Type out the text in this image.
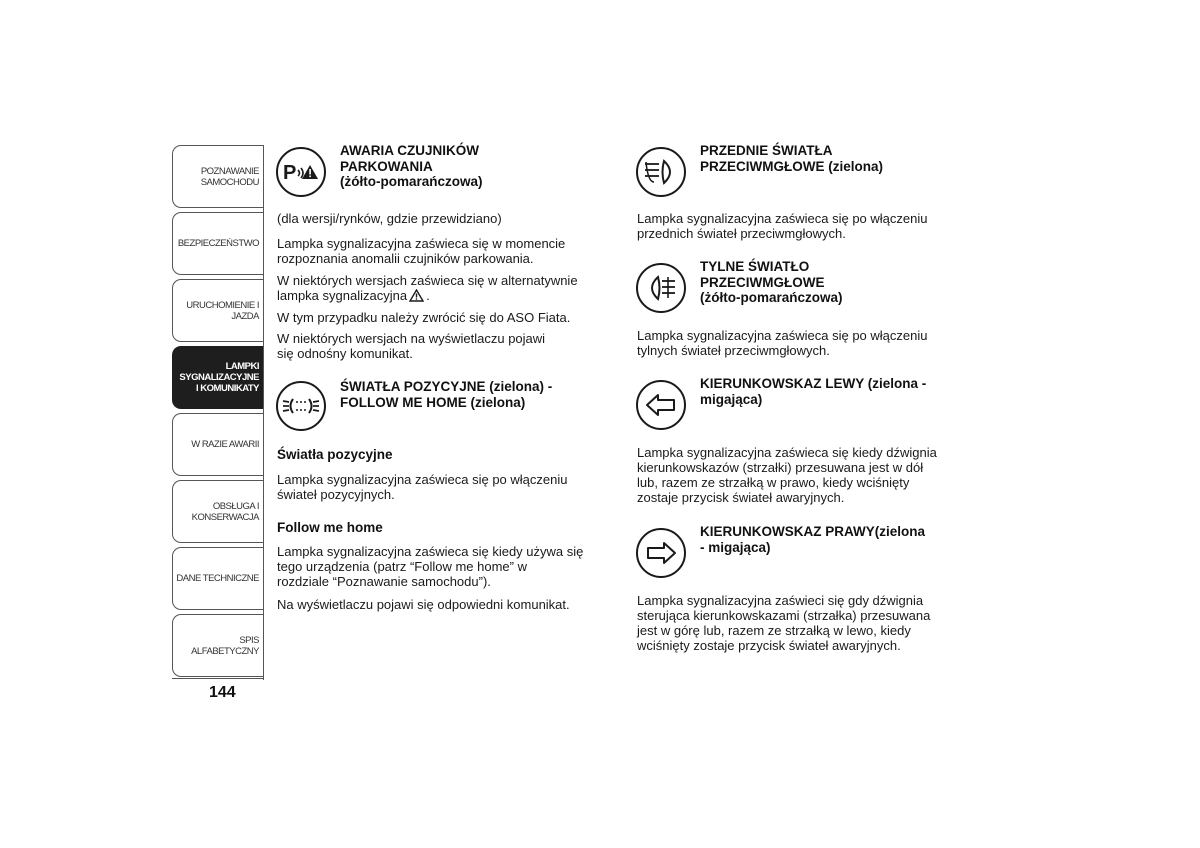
POZNAWANIE
SAMOCHODU
BEZPIECZEŃSTWO
URUCHOMIENIE I
JAZDA
LAMPKI
SYGNALIZACYJNE
I KOMUNIKATY
W RAZIE AWARII
OBSŁUGA I
KONSERWACJA
DANE TECHNICZNE
SPIS ALFABETYCZNY
144
P
AWARIA CZUJNIKÓW
PARKOWANIA
(żółto-pomarańczowa)
(dla wersji/rynków, gdzie przewidziano)
Lampka sygnalizacyjna zaświeca się w momencie
rozpoznania anomalii czujników parkowania.
W niektórych wersjach zaświeca się w alternatywnie
lampka sygnalizacyjna .
W tym przypadku należy zwrócić się do ASO Fiata.
W niektórych wersjach na wyświetlaczu pojawi
się odnośny komunikat.
ŚWIATŁA POZYCYJNE (zielona) -
FOLLOW ME HOME (zielona)
Światła pozycyjne
Lampka sygnalizacyjna zaświeca się po włączeniu
świateł pozycyjnych.
Follow me home
Lampka sygnalizacyjna zaświeca się kiedy używa się
tego urządzenia (patrz “Follow me home” w
rozdziale “Poznawanie samochodu”).
Na wyświetlaczu pojawi się odpowiedni komunikat.
PRZEDNIE ŚWIATŁA
PRZECIWMGŁOWE (zielona)
Lampka sygnalizacyjna zaświeca się po włączeniu
przednich świateł przeciwmgłowych.
TYLNE ŚWIATŁO
PRZECIWMGŁOWE
(żółto-pomarańczowa)
Lampka sygnalizacyjna zaświeca się po włączeniu
tylnych świateł przeciwmgłowych.
KIERUNKOWSKAZ LEWY (zielona -
migająca)
Lampka sygnalizacyjna zaświeca się kiedy dźwignia
kierunkowskazów (strzałki) przesuwana jest w dół
lub, razem ze strzałką w prawo, kiedy wciśnięty
zostaje przycisk świateł awaryjnych.
KIERUNKOWSKAZ PRAWY(zielona
- migająca)
Lampka sygnalizacyjna zaświeci się gdy dźwignia
sterująca kierunkowskazami (strzałka) przesuwana
jest w górę lub, razem ze strzałką w lewo, kiedy
wciśnięty zostaje przycisk świateł awaryjnych.
